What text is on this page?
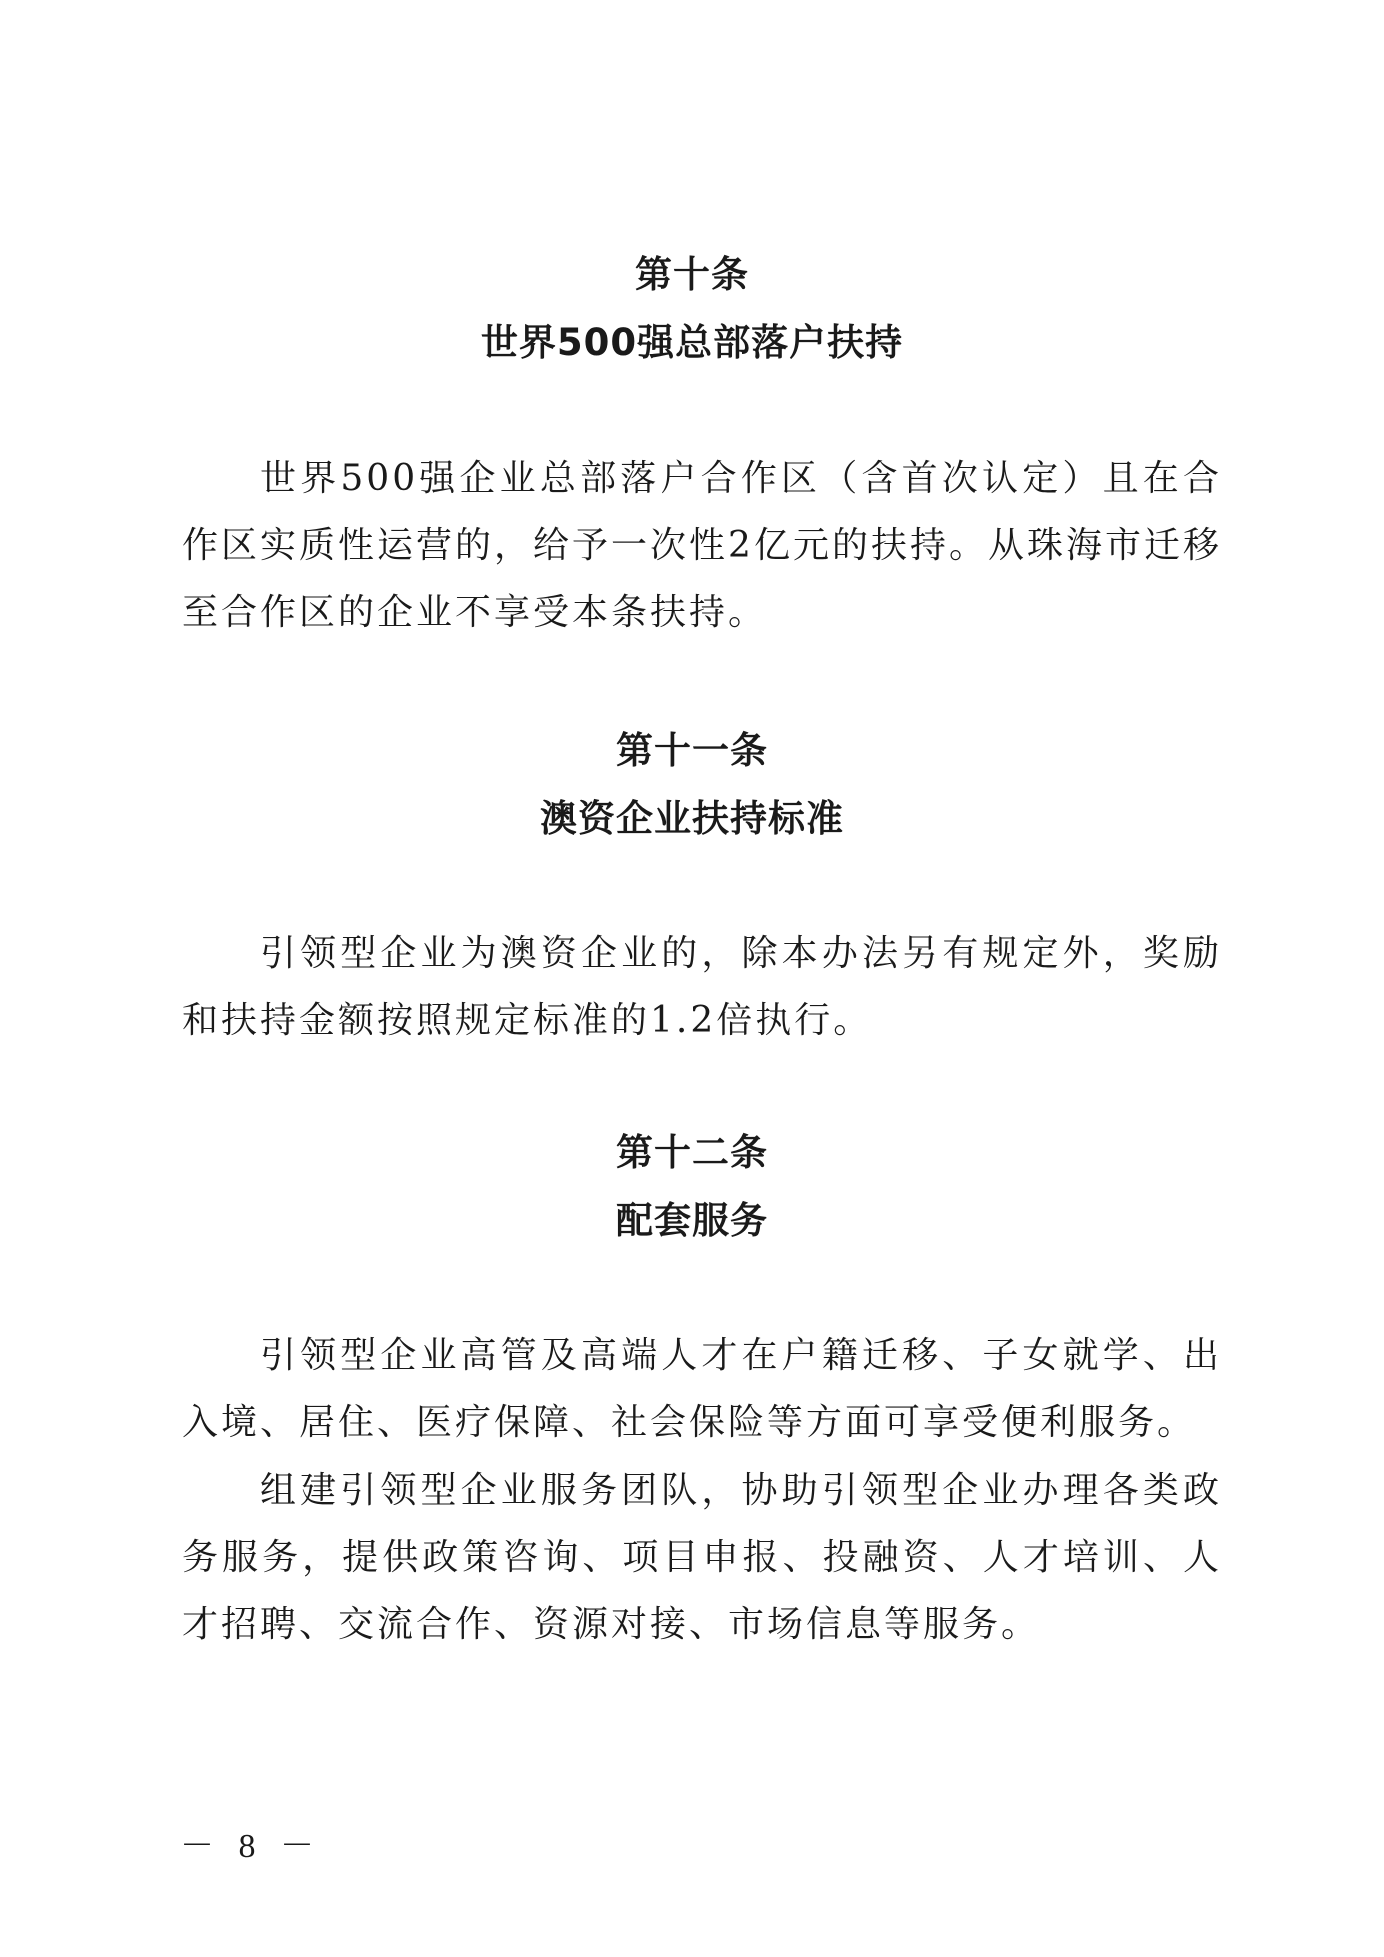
第十条
世界500强总部落户扶持

世界500强企业总部落户合作区（含首次认定）且在合作区实质性运营的，给予一次性2亿元的扶持。从珠海市迁移至合作区的企业不享受本条扶持。

第十一条
澳资企业扶持标准

引领型企业为澳资企业的，除本办法另有规定外，奖励和扶持金额按照规定标准的1.2倍执行。

第十二条
配套服务

引领型企业高管及高端人才在户籍迁移、子女就学、出入境、居住、医疗保障、社会保险等方面可享受便利服务。

组建引领型企业服务团队，协助引领型企业办理各类政务服务，提供政策咨询、项目申报、投融资、人才培训、人才招聘、交流合作、资源对接、市场信息等服务。

－ 8 －
